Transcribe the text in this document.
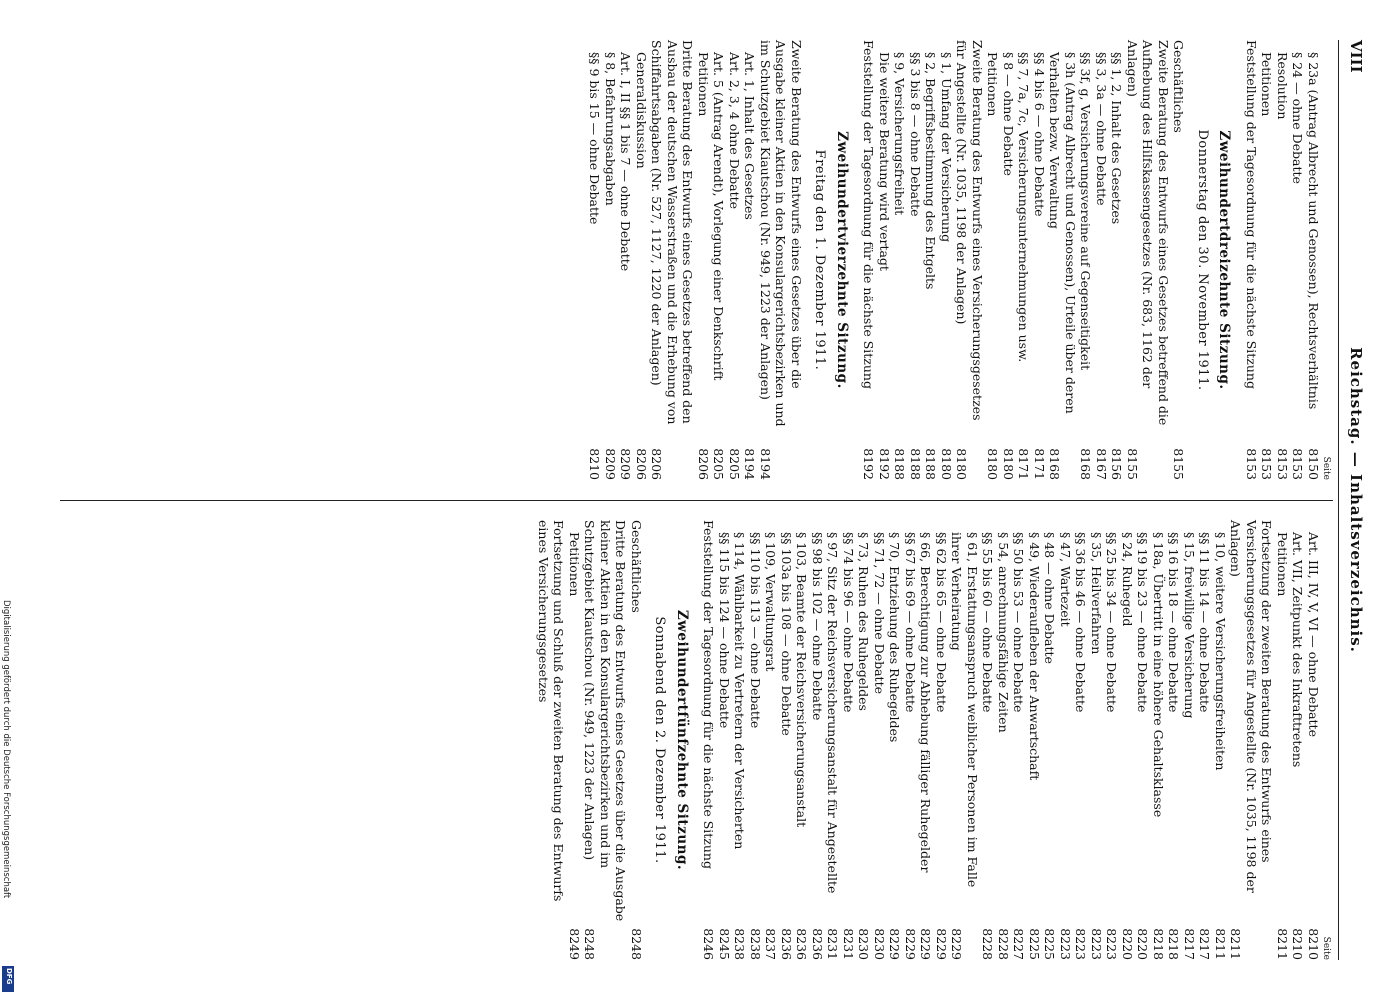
VIII
Reichstag. — Inhaltsverzeichnis.
Seite
§ 23a (Antrag Albrecht und Genossen), Rechtsverhältnis
8150
§ 24 — ohne Debatte
8153
Resolution
8153
Petitionen
8153
Feststellung der Tagesordnung für die nächste Sitzung
8153
Zweihundertdreizehnte Sitzung.
Donnerstag den 30. November 1911.
Geschäftliches
8155
Zweite Beratung des Entwurfs eines Gesetzes betreffend die Aufhebung des Hilfskassengesetzes (Nr. 683, 1162 der Anlagen)
8155
§§ 1, 2, Inhalt des Gesetzes
8156
§§ 3, 3a — ohne Debatte
8167
§§ 3f, g, Versicherungsvereine auf Gegenseitigkeit
8168
§ 3h (Antrag Albrecht und Genossen), Urteile über deren Verhalten bezw. Verwaltung
8168
§§ 4 bis 6 — ohne Debatte
8171
§§ 7, 7a, 7c, Versicherungsunternehmungen usw.
8171
§ 8 — ohne Debatte
8180
Petitionen
8180
Zweite Beratung des Entwurfs eines Versicherungsgesetzes für Angestellte (Nr. 1035, 1198 der Anlagen)
8180
§ 1, Umfang der Versicherung
8180
§ 2, Begriffsbestimmung des Entgelts
8188
§§ 3 bis 8 — ohne Debatte
8188
§ 9, Versicherungsfreiheit
8188
Die weitere Beratung wird vertagt
8192
Feststellung der Tagesordnung für die nächste Sitzung
8192
Zweihundertvierzehnte Sitzung.
Freitag den 1. Dezember 1911.
Zweite Beratung des Entwurfs eines Gesetzes über die Ausgabe kleiner Aktien in den Konsulargerichtsbezirken und im Schutzgebiet Kiautschou (Nr. 949, 1223 der Anlagen)
8194
Art. 1, Inhalt des Gesetzes
8194
Art. 2, 3, 4 ohne Debatte
8205
Art. 5 (Antrag Arendt), Vorlegung einer Denkschrift
8205
Petitionen
8206
Dritte Beratung des Entwurfs eines Gesetzes betreffend den Ausbau der deutschen Wasserstraßen und die Erhebung von Schiffahrtsabgaben (Nr. 527, 1127, 1220 der Anlagen)
8206
Generaldiskussion
8206
Art. I, II §§ 1 bis 7 — ohne Debatte
8209
§ 8, Befahrungsabgaben
8209
§§ 9 bis 15 — ohne Debatte
8210
Seite
Art. III, IV, V, VI — ohne Debatte
8210
Art. VII, Zeitpunkt des Inkrafttretens
8210
Petitionen
8211
Fortsetzung der zweiten Beratung des Entwurfs eines Versicherungsgesetzes für Angestellte (Nr. 1035, 1198 der Anlagen)
8211
§ 10, weitere Versicherungsfreiheiten
8211
§§ 11 bis 14 — ohne Debatte
8217
§ 15, freiwillige Versicherung
8217
§§ 16 bis 18 — ohne Debatte
8218
§ 18a, Übertritt in eine höhere Gehaltsklasse
8218
§§ 19 bis 23 — ohne Debatte
8220
§ 24, Ruhegeld
8220
§§ 25 bis 34 — ohne Debatte
8223
§ 35, Heilverfahren
8223
§§ 36 bis 46 — ohne Debatte
8223
§ 47, Wartezeit
8223
§ 48 — ohne Debatte
8225
§ 49, Wiederaufleben der Anwartschaft
8225
§§ 50 bis 53 — ohne Debatte
8227
§ 54, anrechnungsfähige Zeiten
8228
§§ 55 bis 60 — ohne Debatte
8228
§ 61, Erstattungsanspruch weiblicher Personen im Falle ihrer Verheiratung
8229
§§ 62 bis 65 — ohne Debatte
8229
§ 66, Berechtigung zur Abhebung fälliger Ruhegelder
8229
§§ 67 bis 69 — ohne Debatte
8229
§ 70, Entziehung des Ruhegeldes
8229
§§ 71, 72 — ohne Debatte
8230
§ 73, Ruhen des Ruhegeldes
8230
§§ 74 bis 96 — ohne Debatte
8231
§ 97, Sitz der Reichsversicherungsanstalt für Angestellte
8231
§§ 98 bis 102 — ohne Debatte
8236
§ 103, Beamte der Reichsversicherungsanstalt
8236
§§ 103a bis 108 — ohne Debatte
8236
§ 109, Verwaltungsrat
8237
§§ 110 bis 113 — ohne Debatte
8238
§ 114, Wählbarkeit zu Vertretern der Versicherten
8238
§§ 115 bis 124 — ohne Debatte
8245
Feststellung der Tagesordnung für die nächste Sitzung
8246
Zweihundertfünfzehnte Sitzung.
Sonnabend den 2. Dezember 1911.
Geschäftliches
8248
Dritte Beratung des Entwurfs eines Gesetzes über die Ausgabe kleiner Aktien in den Konsulargerichtsbezirken und im Schutzgebiet Kiautschou (Nr. 949, 1223 der Anlagen)
8248
Petitionen
8249
Fortsetzung und Schluß der zweiten Beratung des Entwurfs eines Versicherungsgesetzes
Digitalisierung gefördert durch die Deutsche Forschungsgemeinschaft
DFG
